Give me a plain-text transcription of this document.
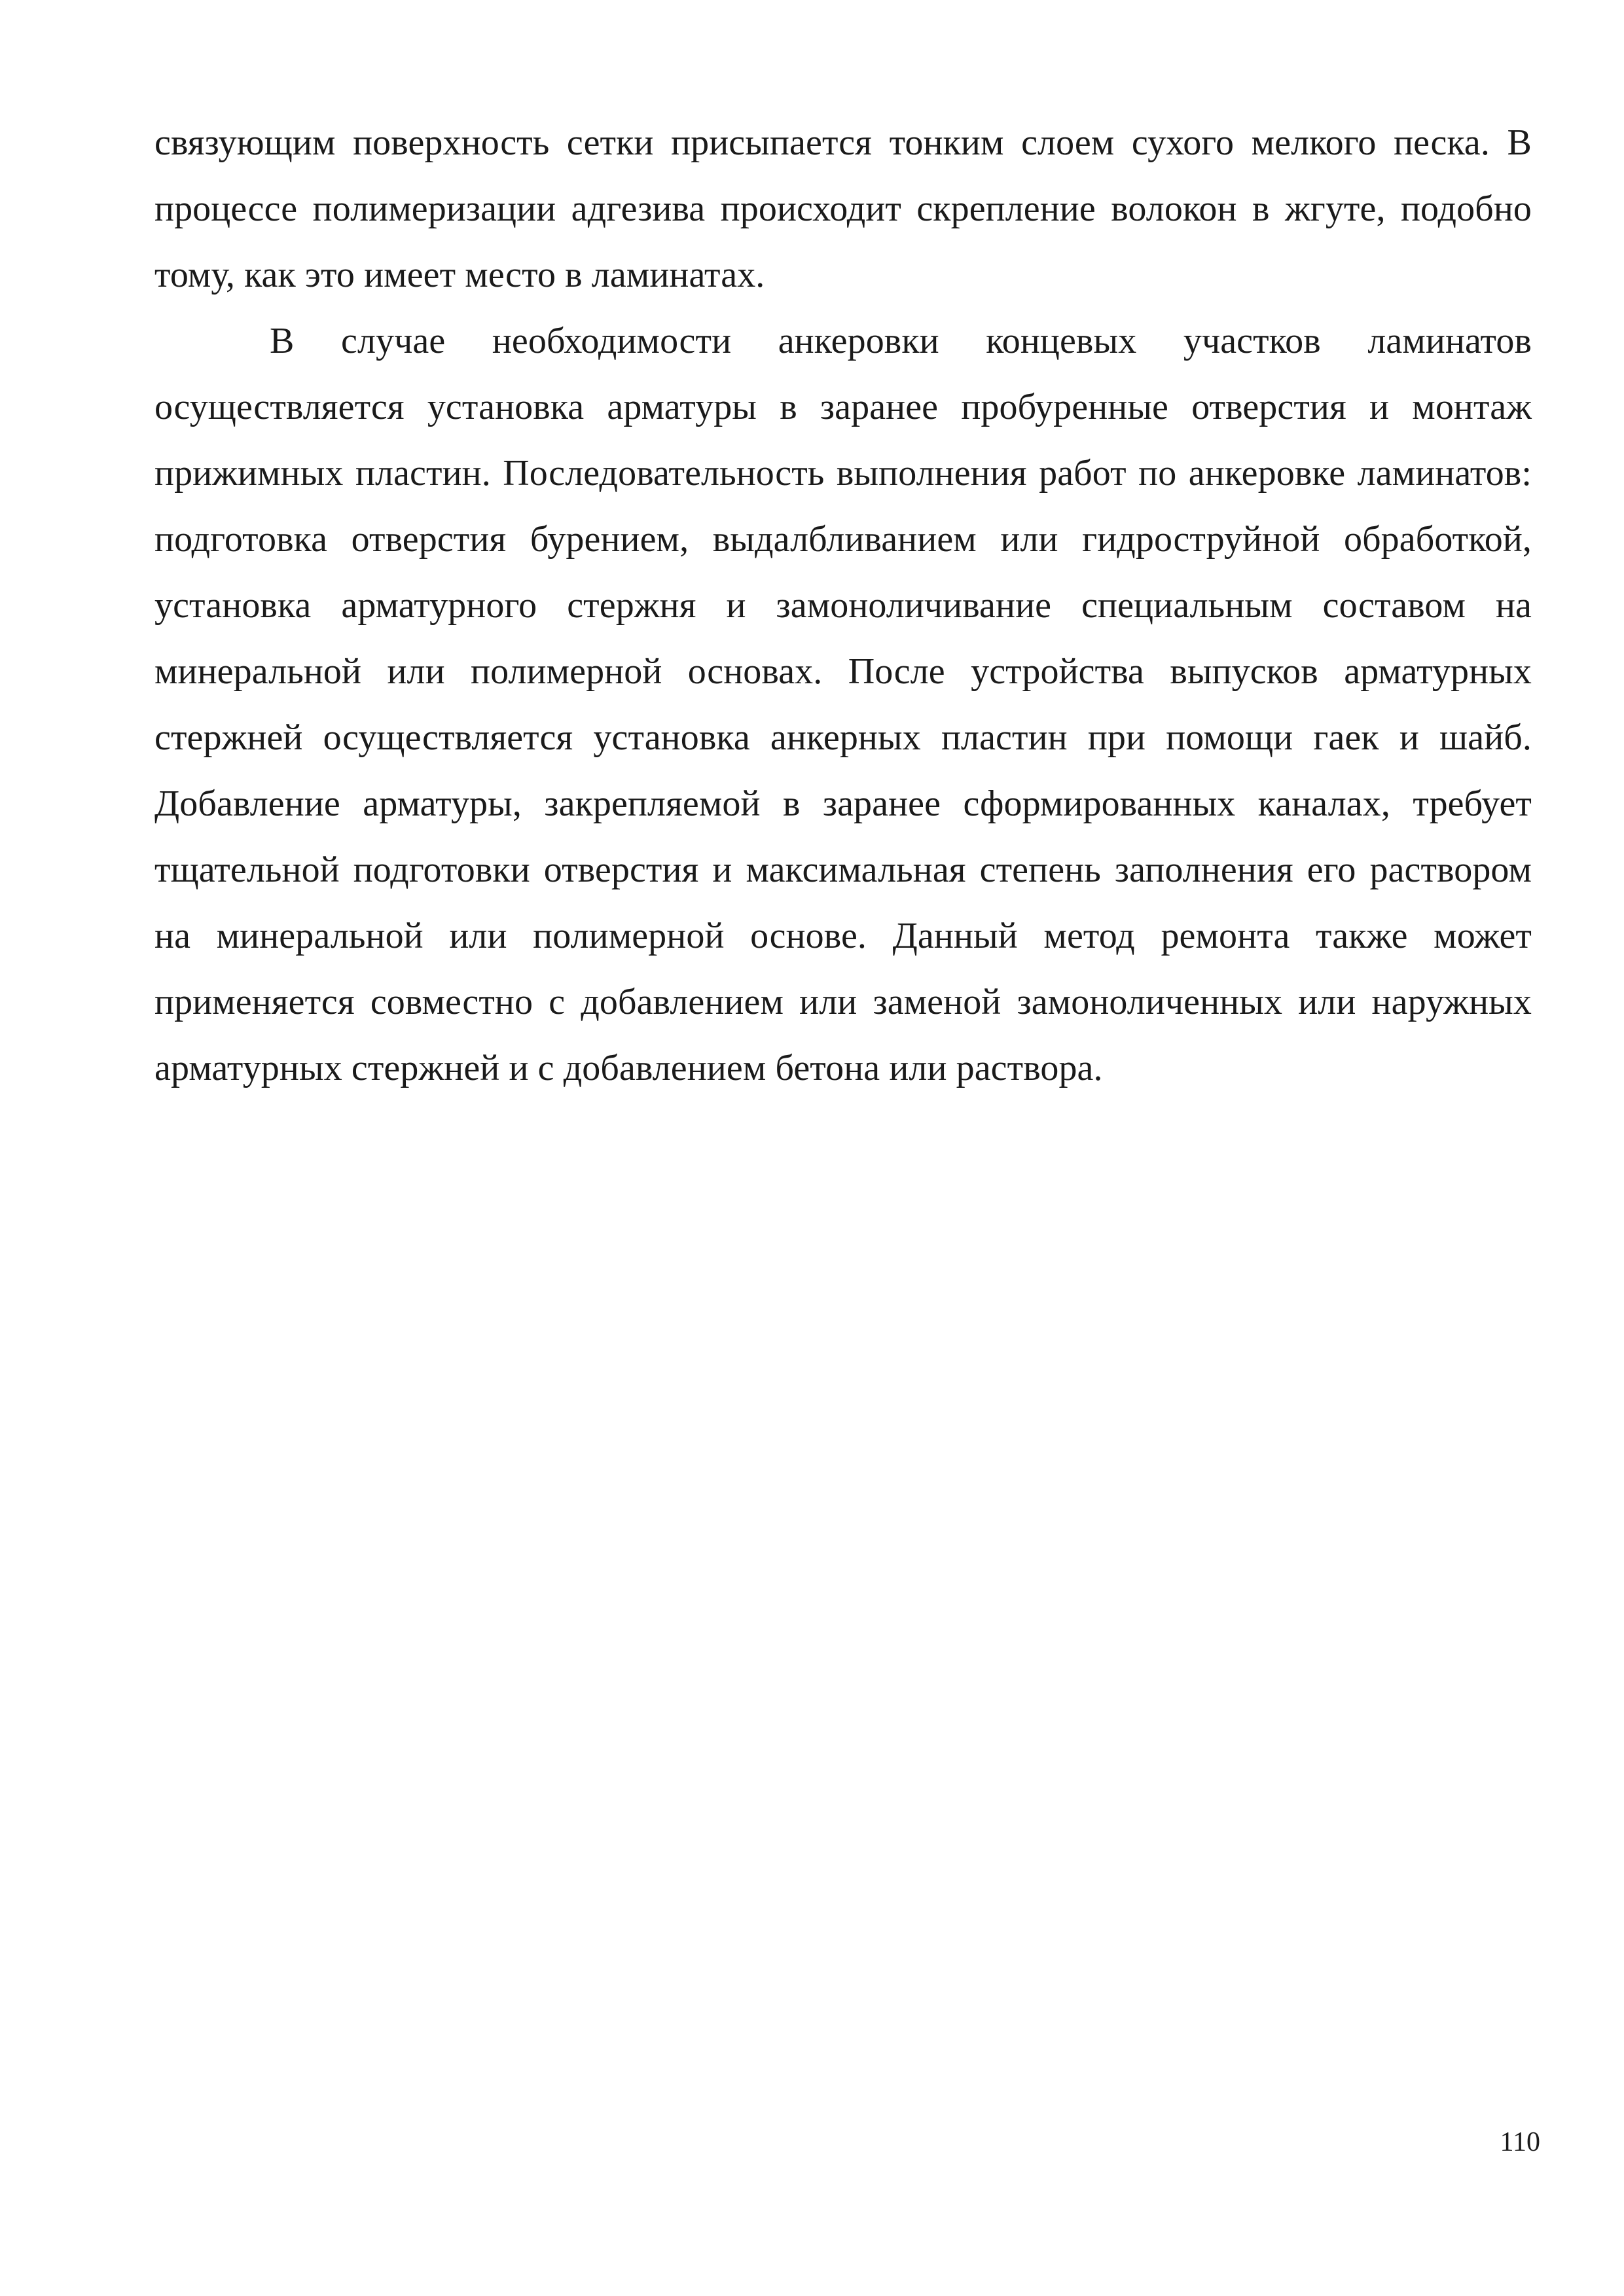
связующим поверхность сетки присыпается тонким слоем сухого мелкого песка. В процессе полимеризации адгезива происходит скрепление волокон в жгуте, подобно тому, как это имеет место в ламинатах.

В случае необходимости анкеровки концевых участков ламинатов осуществляется установка арматуры в заранее пробуренные отверстия и монтаж прижимных пластин. Последовательность выполнения работ по анкеровке ламинатов: подготовка отверстия бурением, выдалбливанием или гидроструйной обработкой, установка арматурного стержня и замоноличивание специальным составом на минеральной или полимерной основах. После устройства выпусков арматурных стержней осуществляется установка анкерных пластин при помощи гаек и шайб. Добавление арматуры, закрепляемой в заранее сформированных каналах, требует тщательной подготовки отверстия и максимальная степень заполнения его раствором на минеральной или полимерной основе. Данный метод ремонта также может применяется совместно с добавлением или заменой замоноличенных или наружных арматурных стержней и с добавлением бетона или раствора.

110
